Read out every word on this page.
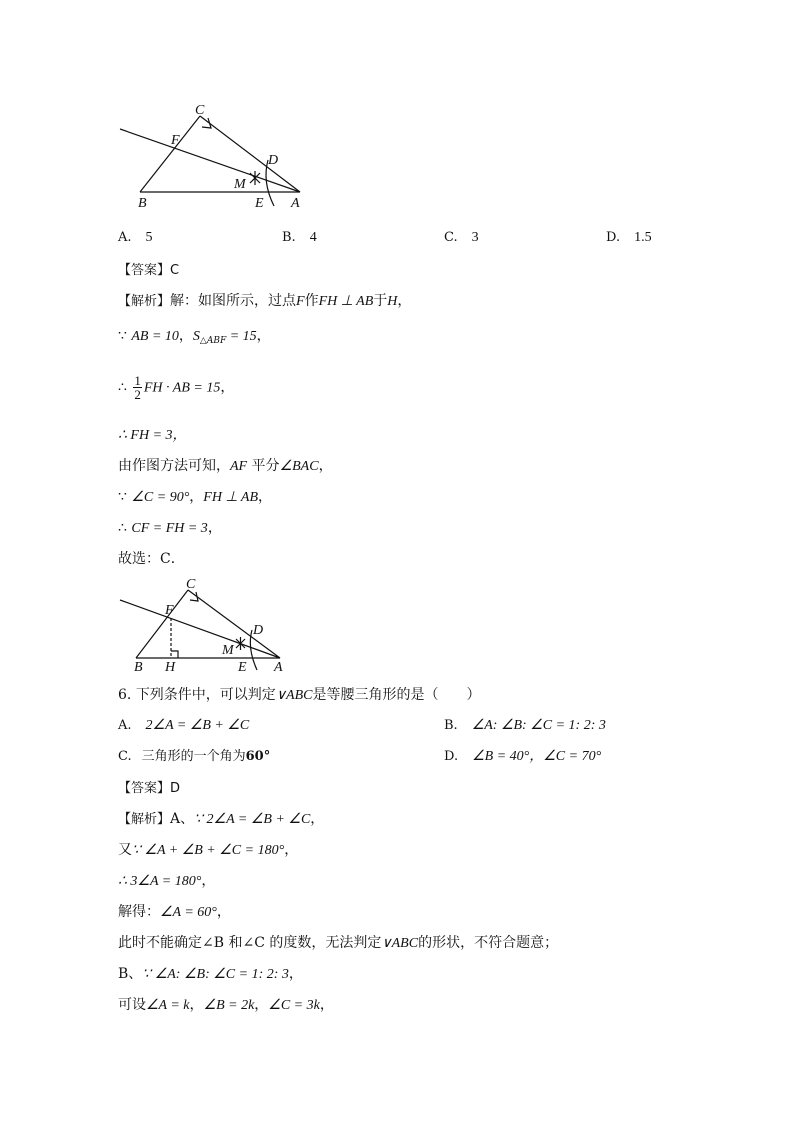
C
F
D
M
B	E A
A. 5	B. 4	C. 3	D. 1.5
【答案】C
【解析】解：如图所示，过点F作FH ⊥ AB于H，
∵ AB = 10，$S_{\triangle ABF} = 15$，
∴ $\frac{1}{2}$ FH · AB = 15，
∴ FH = 3，
由作图方法可知，AF 平分∠BAC，
∵ ∠C = 90°，FH ⊥ AB，
∴ CF = FH = 3，
故选：C．
C
F
D
M
B H	E A
6. 下列条件中，可以判定∨ABC是等腰三角形的是（　　）
A. 2∠A = ∠B + ∠C	B. ∠A: ∠B: ∠C = 1: 2: 3
C. 三角形的一个角为60°	D. ∠B = 40°，∠C = 70°
【答案】D
【解析】A、∵ 2∠A = ∠B + ∠C，
又∵ ∠A + ∠B + ∠C = 180°，
∴ 3∠A = 180°，
解得：∠A = 60°，
此时不能确定∠B 和∠C 的度数，无法判定∨ABC的形状，不符合题意；
B、∵ ∠A: ∠B: ∠C = 1: 2: 3，
可设∠A = k，∠B = 2k，∠C = 3k，
